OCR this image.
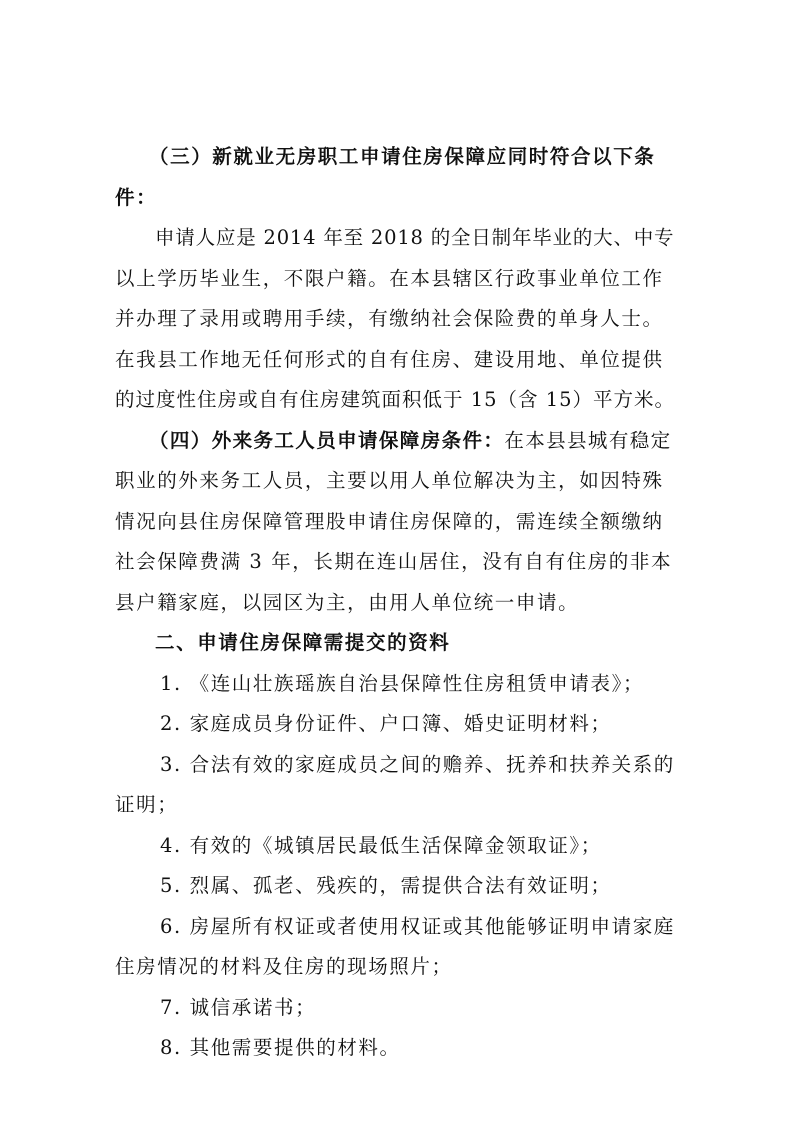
（三）新就业无房职工申请住房保障应同时符合以下条
件：
申请人应是 2014 年至 2018 的全日制年毕业的大、中专
以上学历毕业生，不限户籍。在本县辖区行政事业单位工作
并办理了录用或聘用手续，有缴纳社会保险费的单身人士。
在我县工作地无任何形式的自有住房、建设用地、单位提供
的过度性住房或自有住房建筑面积低于 15（含 15）平方米。
（四）外来务工人员申请保障房条件：在本县县城有稳定
职业的外来务工人员，主要以用人单位解决为主，如因特殊
情况向县住房保障管理股申请住房保障的，需连续全额缴纳
社会保障费满 3 年，长期在连山居住，没有自有住房的非本
县户籍家庭，以园区为主，由用人单位统一申请。
二、申请住房保障需提交的资料
1. 《连山壮族瑶族自治县保障性住房租赁申请表》；
2. 家庭成员身份证件、户口簿、婚史证明材料；
3. 合法有效的家庭成员之间的赡养、抚养和扶养关系的
证明；
4. 有效的《城镇居民最低生活保障金领取证》；
5. 烈属、孤老、残疾的，需提供合法有效证明；
6. 房屋所有权证或者使用权证或其他能够证明申请家庭
住房情况的材料及住房的现场照片；
7. 诚信承诺书；
8. 其他需要提供的材料。
